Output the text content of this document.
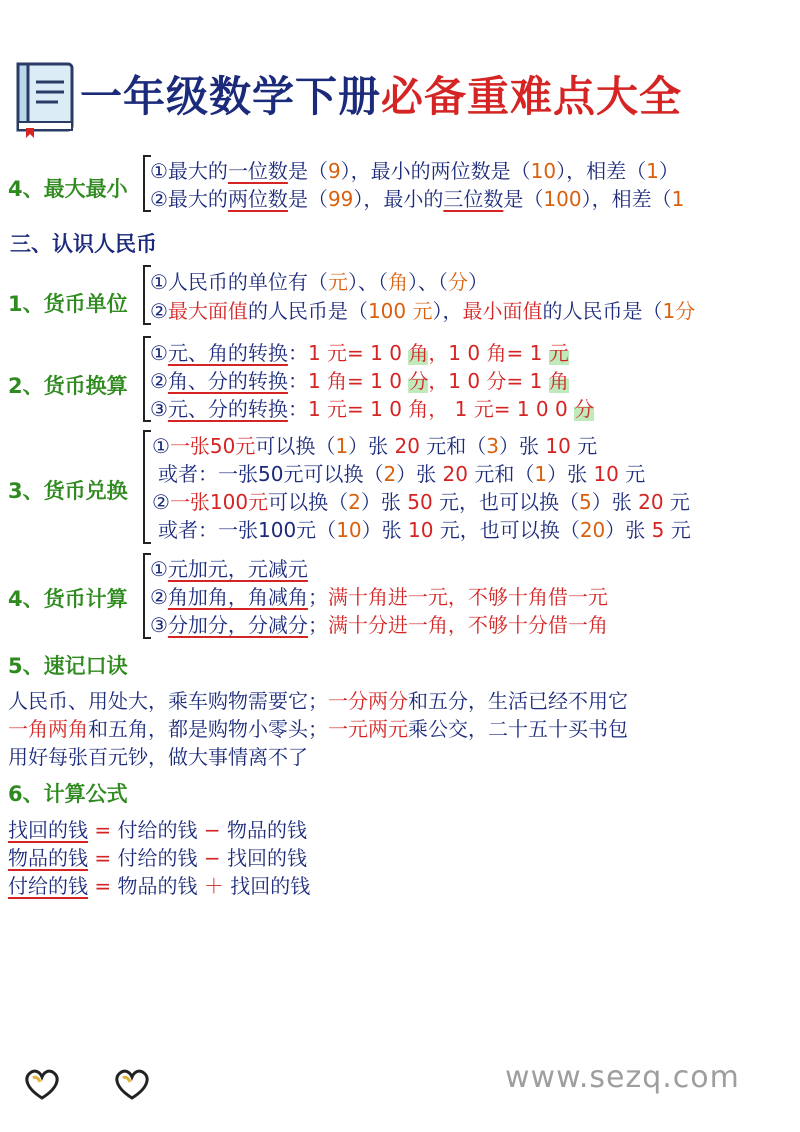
一年级数学下册必备重难点大全
4、最大最小
①最大的一位数是（9），最小的两位数是（10），相差（1）
②最大的两位数是（99），最小的三位数是（100），相差（1
三、认识人民币
1、货币单位
①人民币的单位有（元）、（角）、（分）
②最大面值的人民币是（100 元），最小面值的人民币是（1分
2、货币换算
①元、角的转换：1 元= 1 0 角，1 0 角= 1 元
②角、分的转换：1 角= 1 0 分，1 0 分= 1 角
③元、分的转换：1 元= 1 0 角， 1 元= 1 0 0 分
3、货币兑换
①一张50元可以换（1）张 20 元和（3）张 10 元
或者：一张50元可以换（2）张 20 元和（1）张 10 元
②一张100元可以换（2）张 50 元，也可以换（5）张 20 元
或者：一张100元（10）张 10 元，也可以换（20）张 5 元
4、货币计算
①元加元，元减元
②角加角，角减角；满十角进一元，不够十角借一元
③分加分，分减分；满十分进一角，不够十分借一角
5、速记口诀
人民币、用处大，乘车购物需要它；一分两分和五分，生活已经不用它
一角两角和五角，都是购物小零头；一元两元乘公交，二十五十买书包
用好每张百元钞，做大事情离不了
6、计算公式
找回的钱 = 付给的钱 − 物品的钱
物品的钱 = 付给的钱 − 找回的钱
付给的钱 = 物品的钱 ＋ 找回的钱
www.sezq.com
